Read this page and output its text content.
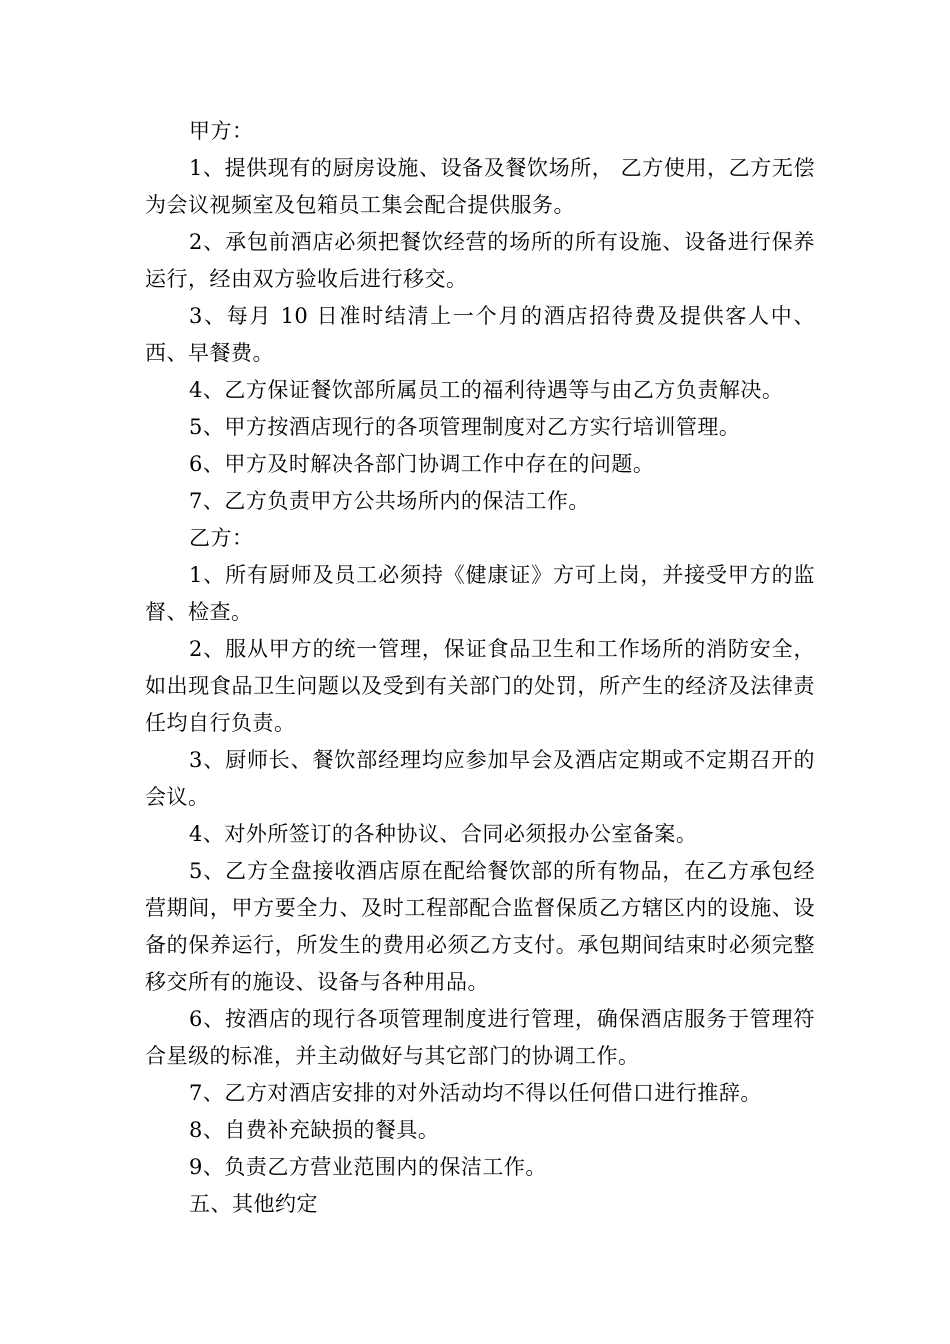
甲方：

1、提供现有的厨房设施、设备及餐饮场所， 乙方使用，乙方无偿为会议视频室及包箱员工集会配合提供服务。

2、承包前酒店必须把餐饮经营的场所的所有设施、设备进行保养运行，经由双方验收后进行移交。

3、每月 10 日准时结清上一个月的酒店招待费及提供客人中、西、早餐费。

4、乙方保证餐饮部所属员工的福利待遇等与由乙方负责解决。

5、甲方按酒店现行的各项管理制度对乙方实行培训管理。

6、甲方及时解决各部门协调工作中存在的问题。

7、乙方负责甲方公共场所内的保洁工作。

乙方：

1、所有厨师及员工必须持《健康证》方可上岗，并接受甲方的监督、检查。

2、服从甲方的统一管理，保证食品卫生和工作场所的消防安全，如出现食品卫生问题以及受到有关部门的处罚，所产生的经济及法律责任均自行负责。

3、厨师长、餐饮部经理均应参加早会及酒店定期或不定期召开的会议。

4、对外所签订的各种协议、合同必须报办公室备案。

5、乙方全盘接收酒店原在配给餐饮部的所有物品，在乙方承包经营期间，甲方要全力、及时工程部配合监督保质乙方辖区内的设施、设备的保养运行，所发生的费用必须乙方支付。承包期间结束时必须完整移交所有的施设、设备与各种用品。

6、按酒店的现行各项管理制度进行管理，确保酒店服务于管理符合星级的标准，并主动做好与其它部门的协调工作。

7、乙方对酒店安排的对外活动均不得以任何借口进行推辞。

8、自费补充缺损的餐具。

9、负责乙方营业范围内的保洁工作。

五、其他约定
